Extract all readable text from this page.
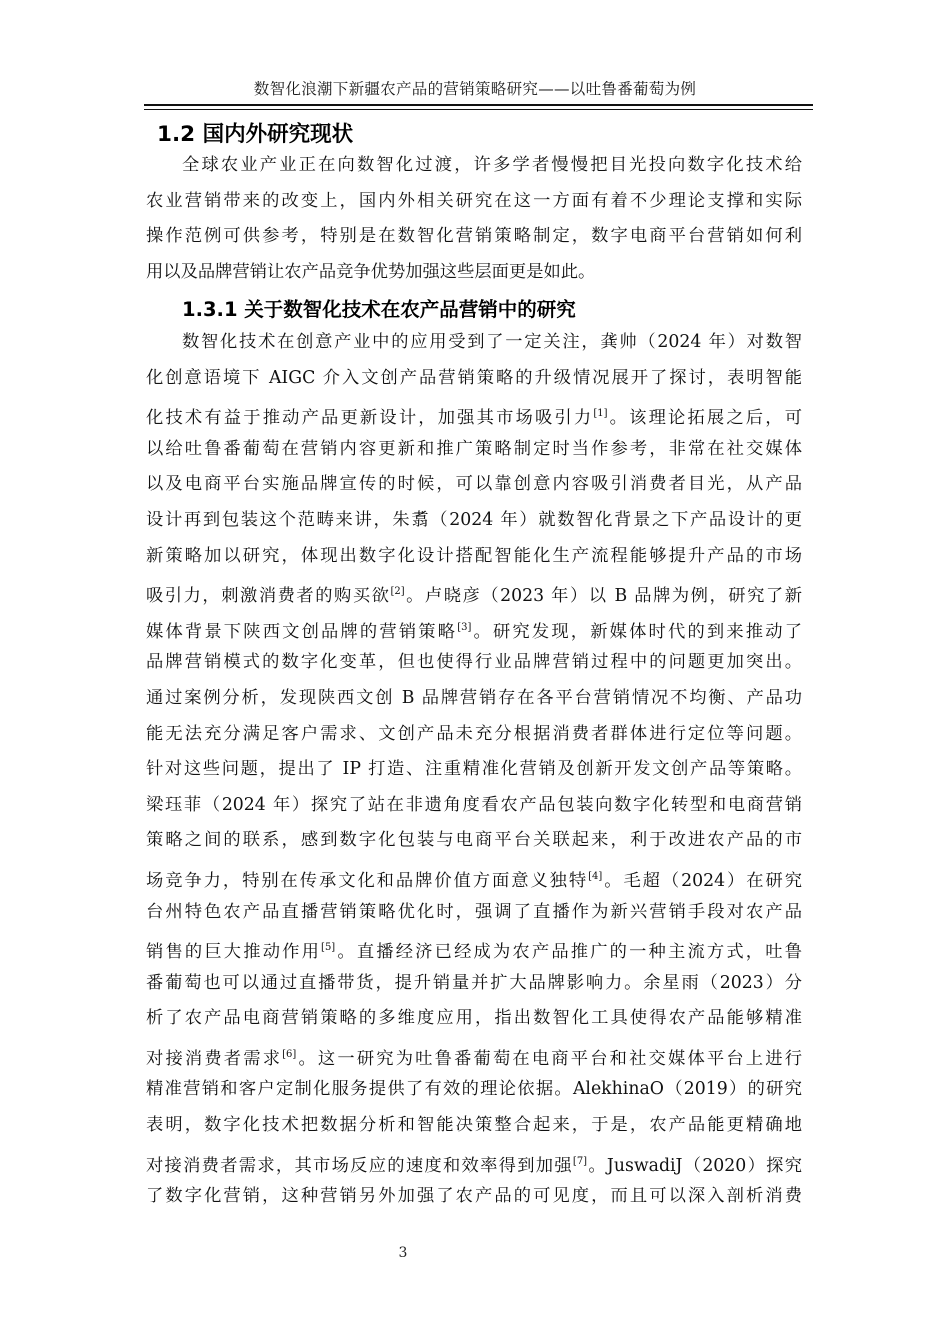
数智化浪潮下新疆农产品的营销策略研究——以吐鲁番葡萄为例
1.2 国内外研究现状
全球农业产业正在向数智化过渡，许多学者慢慢把目光投向数字化技术给
农业营销带来的改变上，国内外相关研究在这一方面有着不少理论支撑和实际
操作范例可供参考，特别是在数智化营销策略制定，数字电商平台营销如何利
用以及品牌营销让农产品竞争优势加强这些层面更是如此。
1.3.1 关于数智化技术在农产品营销中的研究
数智化技术在创意产业中的应用受到了一定关注，龚帅（2024 年）对数智
化创意语境下 AIGC 介入文创产品营销策略的升级情况展开了探讨，表明智能
化技术有益于推动产品更新设计，加强其市场吸引力[1]。该理论拓展之后，可
以给吐鲁番葡萄在营销内容更新和推广策略制定时当作参考，非常在社交媒体
以及电商平台实施品牌宣传的时候，可以靠创意内容吸引消费者目光，从产品
设计再到包装这个范畴来讲，朱翥（2024 年）就数智化背景之下产品设计的更
新策略加以研究，体现出数字化设计搭配智能化生产流程能够提升产品的市场
吸引力，刺激消费者的购买欲[2]。卢晓彦（2023 年）以 B 品牌为例，研究了新
媒体背景下陕西文创品牌的营销策略[3]。研究发现，新媒体时代的到来推动了
品牌营销模式的数字化变革，但也使得行业品牌营销过程中的问题更加突出。
通过案例分析，发现陕西文创 B 品牌营销存在各平台营销情况不均衡、产品功
能无法充分满足客户需求、文创产品未充分根据消费者群体进行定位等问题。
针对这些问题，提出了 IP 打造、注重精准化营销及创新开发文创产品等策略。
梁珏菲（2024 年）探究了站在非遗角度看农产品包装向数字化转型和电商营销
策略之间的联系，感到数字化包装与电商平台关联起来，利于改进农产品的市
场竞争力，特别在传承文化和品牌价值方面意义独特[4]。毛超（2024）在研究
台州特色农产品直播营销策略优化时，强调了直播作为新兴营销手段对农产品
销售的巨大推动作用[5]。直播经济已经成为农产品推广的一种主流方式，吐鲁
番葡萄也可以通过直播带货，提升销量并扩大品牌影响力。余星雨（2023）分
析了农产品电商营销策略的多维度应用，指出数智化工具使得农产品能够精准
对接消费者需求[6]。这一研究为吐鲁番葡萄在电商平台和社交媒体平台上进行
精准营销和客户定制化服务提供了有效的理论依据。AlekhinaO（2019）的研究
表明，数字化技术把数据分析和智能决策整合起来，于是，农产品能更精确地
对接消费者需求，其市场反应的速度和效率得到加强[7]。JuswadiJ（2020）探究
了数字化营销，这种营销另外加强了农产品的可见度，而且可以深入剖析消费
3
